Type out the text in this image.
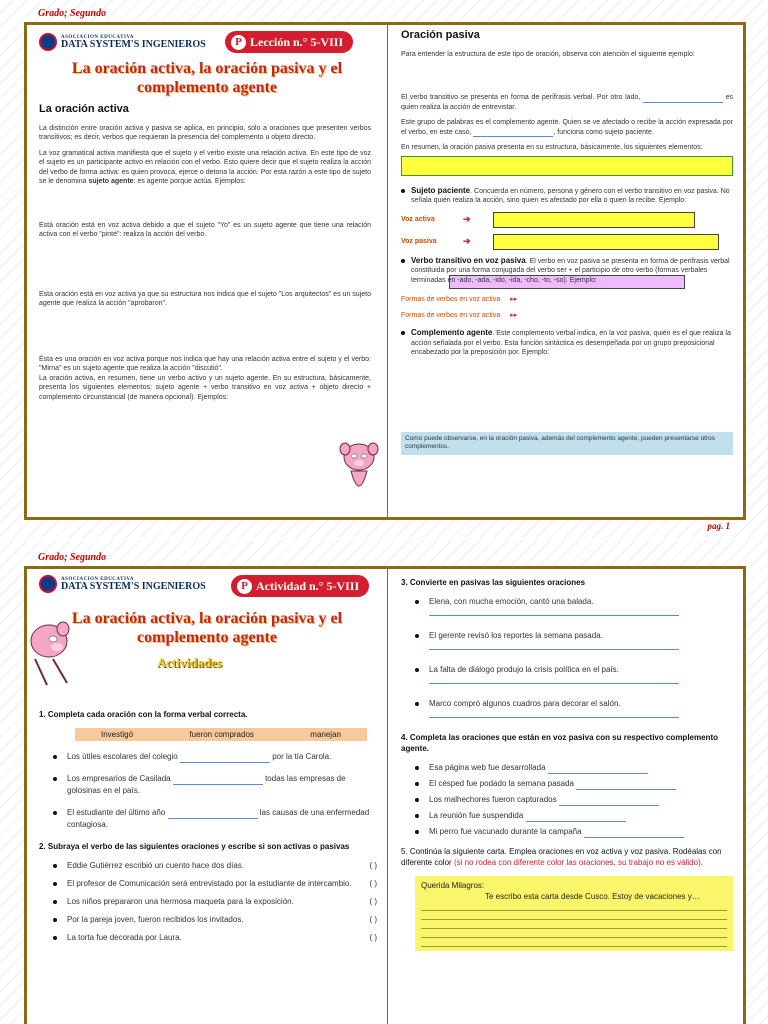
Grado; Segundo
ASOCIACION EDUCATIVA
DATA SYSTEM'S INGENIEROS	P Lección n.° 5-VIII
La oración activa, la oración pasiva y el complemento agente
La oración activa

La distinción entre oración activa y pasiva se aplica, en principio, solo a oraciones que presenten verbos transitivos; es decir, verbos que requieran la presencia del complemento u objeto directo.

La voz gramatical activa manifiesta que el sujeto y el verbo existe una relación activa. En este tipo de voz el sujeto es un participante activo en relación con el verbo. Esto quiere decir que el sujeto realiza la acción del verbo de forma activa: es quien provoca, ejerce o detona la acción. Por esta razón a este tipo de sujeto se le denomina sujeto agente: es agente porque actúa. Ejemplos:

Está oración está en voz activa debido a que el sujeto "Yo" es un sujeto agente que tiene una relación activa con el verbo "pinté": realiza la acción del verbo.

Esta oración está en voz activa ya que su estructura nos indica que el sujeto "Los arquitectos" es un sujeto agente que realiza la acción "aprobaron".

Ésta es una oración en voz activa porque nos indica que hay una relación activa entre el sujeto y el verbo: "Mirna" es un sujeto agente que realiza la acción "discutió".

La oración activa, en resumen, tiene un verbo activo y un sujeto agente. En su estructura, básicamente, presenta los siguientes elementos: sujeto agente + verbo transitivo en voz activa + objeto directo + complemento circunstancial (de manera opcional). Ejemplos:

Oración pasiva

Para entender la estructura de este tipo de oración, observa con atención el siguiente ejemplo:

El verbo transitivo se presenta en forma de perífrasis verbal. Por otro lado,	es quien realiza la acción de entrevistar.

Este grupo de palabras es el complemento agente. Quien se ve afectado o recibe la acción expresada por el verbo, en este caso,	, funciona como sujeto paciente.

En resumen, la oración pasiva presenta en su estructura, básicamente, los siguientes elementos:

Sujeto paciente. Concuerda en número, persona y género con el verbo transitivo en voz pasiva. No señala quién realiza la acción, sino quien es afectado por ella o quien la recibe. Ejemplo:
Voz activa	➔
Voz pasiva	➔
Verbo transitivo en voz pasiva. El verbo en voz pasiva se presenta en forma de perífrasis verbal constituida por una forma conjugada del verbo ser + el participio de otro verbo (formas verbales terminadas en -ado, -ada, -ido, -ida, -cho, -to, -so). Ejemplo:
Formas de verbos en voz activa ▸▸
Formas de verbos en voz activa ▸▸
Complemento agente. Este complemento verbal indica, en la voz pasiva, quién es el que realiza la acción señalada por el verbo. Esta función sintáctica es desempeñada por un grupo preposicional encabezado por la preposición por. Ejemplo:
Como puede observarse, en la oración pasiva, además del complemento agente, pueden presentarse otros complementos.
pag. 1
Grado; Segundo
ASOCIACION EDUCATIVA
DATA SYSTEM'S INGENIEROS	P Actividad n.° 5-VIII
La oración activa, la oración pasiva y el complemento agente
Actividades
1. Completa cada oración con la forma verbal correcta.
Investigó	fueron comprados	manejan
Los útiles escolares del colegio	por la tía Carola.
Los empresarios de Casilada	todas las empresas de golosinas en el país.
El estudiante del último año	las causas de una enfermedad contagiosa.
2. Subraya el verbo de las siguientes oraciones y escribe si son activas o pasivas
Eddie Gutiérrez escribió un cuento hace dos días.	( )
El profesor de Comunicación será entrevistado por la estudiante de intercambio. ( )
Los niños prepararon una hermosa maqueta para la exposición.	( )
Por la pareja joven, fueron recibidos los invitados.	( )
La torta fue decorada por Laura.	( )
3. Convierte en pasivas las siguientes oraciones
Elena, con mucha emoción, cantó una balada.
El gerente revisó los reportes la semana pasada.
La falta de diálogo produjo la crisis política en el país.
Marco compró algunos cuadros para decorar el salón.
4. Completa las oraciones que están en voz pasiva con su respectivo complemento agente.
Esa página web fue desarrollada
El césped fue podado la semana pasada
Los malhechores fueron capturados
La reunión fue suspendida
Mi perro fue vacunado durante la campaña
5. Continúa la siguiente carta. Emplea oraciones en voz activa y voz pasiva. Rodéalas con diferente color (si no rodea con diferente color las oraciones, su trabajo no es válido).
Querida Milagros:
Te escribo esta carta desde Cusco. Estoy de vacaciones y…
